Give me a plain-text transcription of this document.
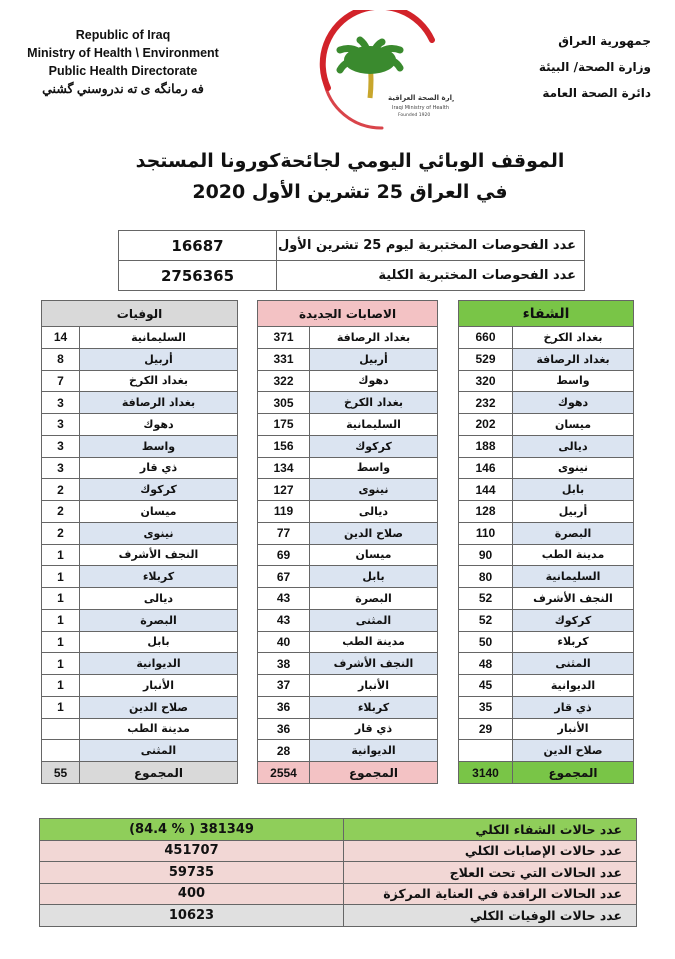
Republic of Iraq
Ministry of Health \ Environment
Public Health Directorate
فه رمانگه ی ته ندروسني گشني
وزارة الصحة العراقية
Iraqi Ministry of Health
Founded 1920
جمهورية العراق
وزارة الصحة/ البيئة
دائرة الصحة العامة
الموقف الوبائي اليومي لجائحةكورونا المستجد
في العراق 25 تشرين الأول 2020
16687	عدد الفحوصات المختبرية ليوم 25 تشرين الأول
2756365	عدد الفحوصات المختبرية الكلية
الوفيات	
14	السليمانية
8	أربيل
7	بغداد الكرخ
3	بغداد الرصافة
3	دهوك
3	واسط
3	ذي قار
2	كركوك
2	ميسان
2	نينوى
1	النجف الأشرف
1	كربلاء
1	ديالى
1	البصرة
1	بابل
1	الديوانية
1	الأنبار
1	صلاح الدين
	مدينة الطب
	المثنى
55	المجموع
الاصابات الجديدة	
371	بغداد الرصافة
331	أربيل
322	دهوك
305	بغداد الكرخ
175	السليمانية
156	كركوك
134	واسط
127	نينوى
119	ديالى
77	صلاح الدين
69	ميسان
67	بابل
43	البصرة
43	المثنى
40	مدينة الطب
38	النجف الأشرف
37	الأنبار
36	كربلاء
36	ذي قار
28	الديوانية
2554	المجموع
الشفاء	
660	بغداد الكرخ
529	بغداد الرصافة
320	واسط
232	دهوك
202	ميسان
188	ديالى
146	نينوى
144	بابل
128	أربيل
110	البصرة
90	مدينة الطب
80	السليمانية
52	النجف الأشرف
52	كركوك
50	كربلاء
48	المثنى
45	الديوانية
35	ذي قار
29	الأنبار
	صلاح الدين
3140	المجموع
(84.4 % ) 381349	عدد حالات الشفاء الكلي
451707	عدد حالات الإصابات الكلي
59735	عدد الحالات التي تحت العلاج
400	عدد الحالات الراقدة في العناية المركزة
10623	عدد حالات الوفيات الكلي
